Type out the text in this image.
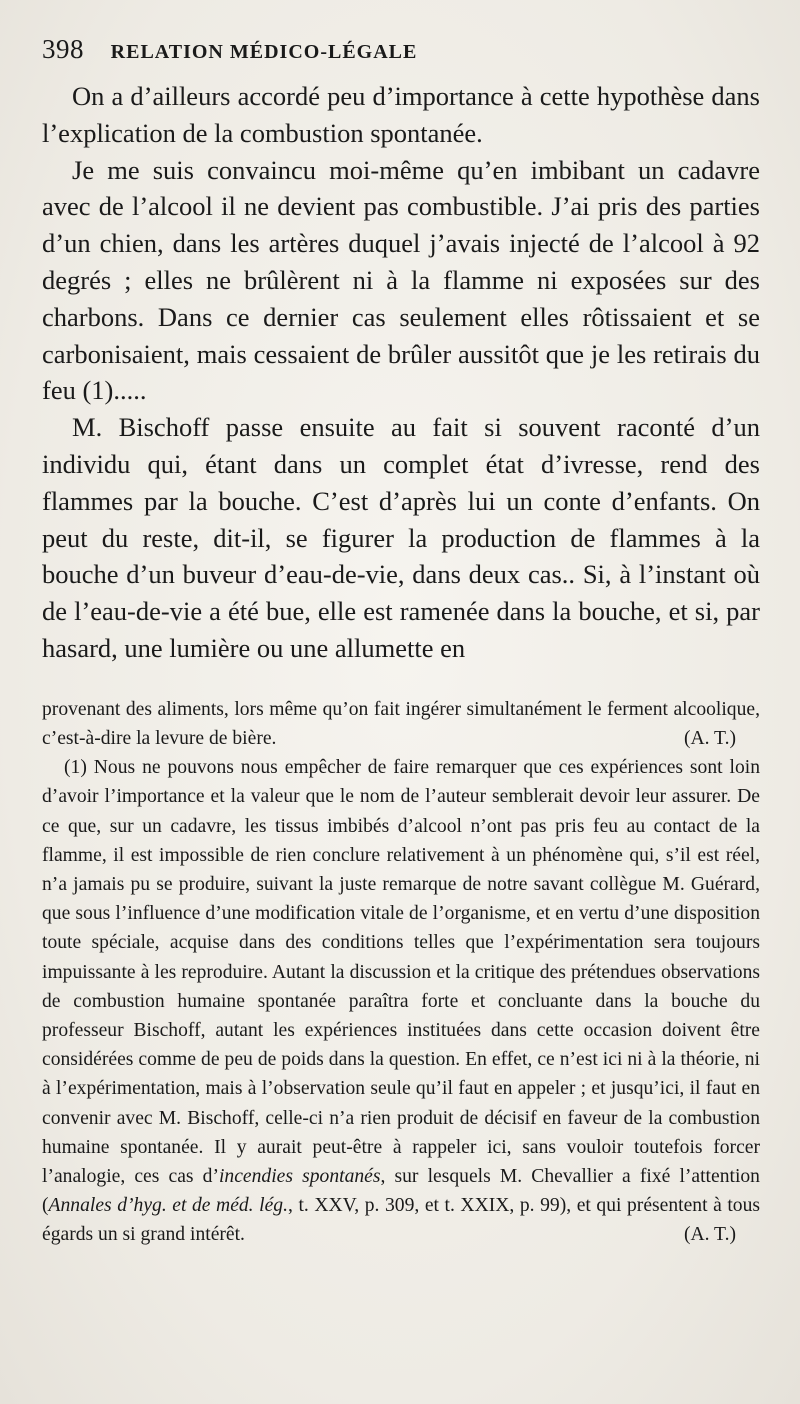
398 RELATION MÉDICO-LÉGALE

On a d’ailleurs accordé peu d’importance à cette hypothèse dans l’explication de la combustion spontanée.

Je me suis convaincu moi-même qu’en imbibant un cadavre avec de l’alcool il ne devient pas combustible. J’ai pris des parties d’un chien, dans les artères duquel j’avais injecté de l’alcool à 92 degrés ; elles ne brûlèrent ni à la flamme ni exposées sur des charbons. Dans ce dernier cas seulement elles rôtissaient et se carbonisaient, mais cessaient de brûler aussitôt que je les retirais du feu (1).....

M. Bischoff passe ensuite au fait si souvent raconté d’un individu qui, étant dans un complet état d’ivresse, rend des flammes par la bouche. C’est d’après lui un conte d’enfants. On peut du reste, dit-il, se figurer la production de flammes à la bouche d’un buveur d’eau-de-vie, dans deux cas.. Si, à l’instant où de l’eau-de-vie a été bue, elle est ramenée dans la bouche, et si, par hasard, une lumière ou une allumette en

provenant des aliments, lors même qu’on fait ingérer simultanément le ferment alcoolique, c’est-à-dire la levure de bière.	(A. T.)

(1) Nous ne pouvons nous empêcher de faire remarquer que ces expériences sont loin d’avoir l’importance et la valeur que le nom de l’auteur semblerait devoir leur assurer. De ce que, sur un cadavre, les tissus imbibés d’alcool n’ont pas pris feu au contact de la flamme, il est impossible de rien conclure relativement à un phénomène qui, s’il est réel, n’a jamais pu se produire, suivant la juste remarque de notre savant collègue M. Guérard, que sous l’influence d’une modification vitale de l’organisme, et en vertu d’une disposition toute spéciale, acquise dans des conditions telles que l’expérimentation sera toujours impuissante à les reproduire. Autant la discussion et la critique des prétendues observations de combustion humaine spontanée paraîtra forte et concluante dans la bouche du professeur Bischoff, autant les expériences instituées dans cette occasion doivent être considérées comme de peu de poids dans la question. En effet, ce n’est ici ni à la théorie, ni à l’expérimentation, mais à l’observation seule qu’il faut en appeler ; et jusqu’ici, il faut en convenir avec M. Bischoff, celle-ci n’a rien produit de décisif en faveur de la combustion humaine spontanée. Il y aurait peut-être à rappeler ici, sans vouloir toutefois forcer l’analogie, ces cas d’incendies spontanés, sur lesquels M. Chevallier a fixé l’attention (Annales d’hyg. et de méd. lég., t. XXV, p. 309, et t. XXIX, p. 99), et qui présentent à tous égards un si grand intérêt.	(A. T.)
